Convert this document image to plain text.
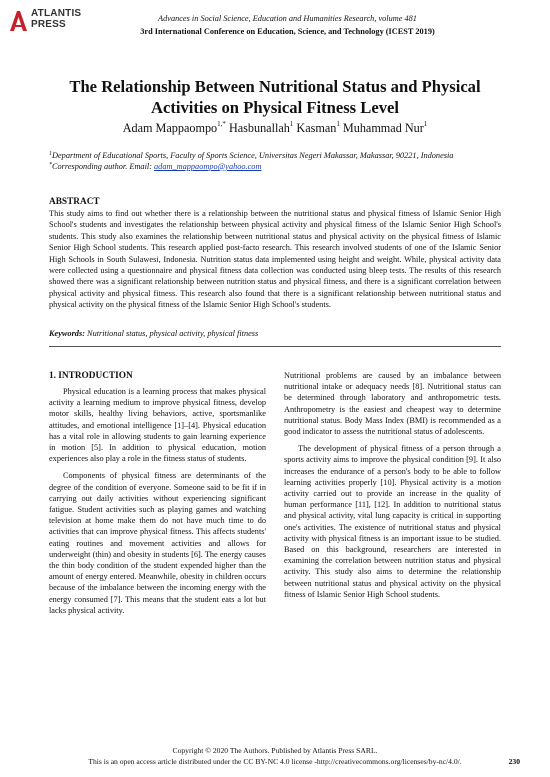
ATLANTIS
PRESS
Advances in Social Science, Education and Humanities Research, volume 481
3rd International Conference on Education, Science, and Technology (ICEST 2019)
The Relationship Between Nutritional Status and Physical Activities on Physical Fitness Level
Adam Mappaompo$^{1,*}$ Hasbunallah$^1$ Kasman$^1$ Muhammad Nur$^1$
$^1$Department of Educational Sports, Faculty of Sports Science, Universitas Negeri Makassar, Makassar, 90221, Indonesia
*Corresponding author. Email: adam_mappaompo@yahoo.com
ABSTRACT

This study aims to find out whether there is a relationship between the nutritional status and physical fitness of Islamic Senior High School's students and investigates the relationship between physical activity and physical fitness of the Islamic Senior High School's students. This study also examines the relationship between nutritional status and physical activity on the physical fitness of Islamic Senior High School students. This research applied post-facto research. This research involved students of one of the Islamic Senior High Schools in South Sulawesi, Indonesia. Nutrition status data implemented using height and weight. While, physical activity data were collected using a questionnaire and physical fitness data collection was conducted using bleep tests. The results of this research showed there was a significant relationship between nutrition status and physical fitness, and there is a significant correlation between physical activity and physical fitness. This research also found that there is a significant relationship between nutritional status and physical activity on the physical fitness of the Islamic Senior High School's students.

Keywords: Nutritional status, physical activity, physical fitness
1. INTRODUCTION

Physical education is a learning process that makes physical activity a learning medium to improve physical fitness, develop motor skills, healthy living behaviors, active, sportsmanlike attitudes, and emotional intelligence [1]–[4]. Physical education has a vital role in allowing students to gain learning experience in motion [5]. In addition to physical education, motion experiences also play a role in the fitness status of students.

Components of physical fitness are determinants of the degree of the condition of everyone. Someone said to be fit if in carrying out daily activities without experiencing significant fatigue. Student activities such as playing games and watching television at home make them do not have much time to do activities that can improve physical fitness. This affects students' eating routines and movement activities and allows for underweight (thin) and obesity in students [6]. The energy causes the thin body condition of the student expended higher than the amount of energy entered. Meanwhile, obesity in children occurs because of the imbalance between the incoming energy with the energy consumed [7]. This means that the student eats a lot but lacks physical activity.

Nutritional problems are caused by an imbalance between nutritional intake or adequacy needs [8]. Nutritional status can be determined through laboratory and anthropometric tests. Anthropometry is the easiest and cheapest way to determine nutritional status. Body Mass Index (BMI) is recommended as a good indicator to assess the nutritional status of adolescents.

The development of physical fitness of a person through a sports activity aims to improve the physical condition [9]. It also increases the endurance of a person's body to be able to follow learning activities properly [10]. Physical activity is a motion activity carried out to provide an increase in the quality of human performance [11], [12]. In addition to nutritional status and physical activity, vital lung capacity is critical in supporting one's activities. The existence of nutritional status and physical activity with physical fitness is an important issue to be studied. Based on this background, researchers are interested in examining the correlation between nutrition status and physical activity. This study also aims to determine the relationship between nutritional status and physical activity on the physical fitness of Islamic Senior High School students.

Copyright © 2020 The Authors. Published by Atlantis Press SARL.
This is an open access article distributed under the CC BY-NC 4.0 license -http://creativecommons.org/licenses/by-nc/4.0/.	230
